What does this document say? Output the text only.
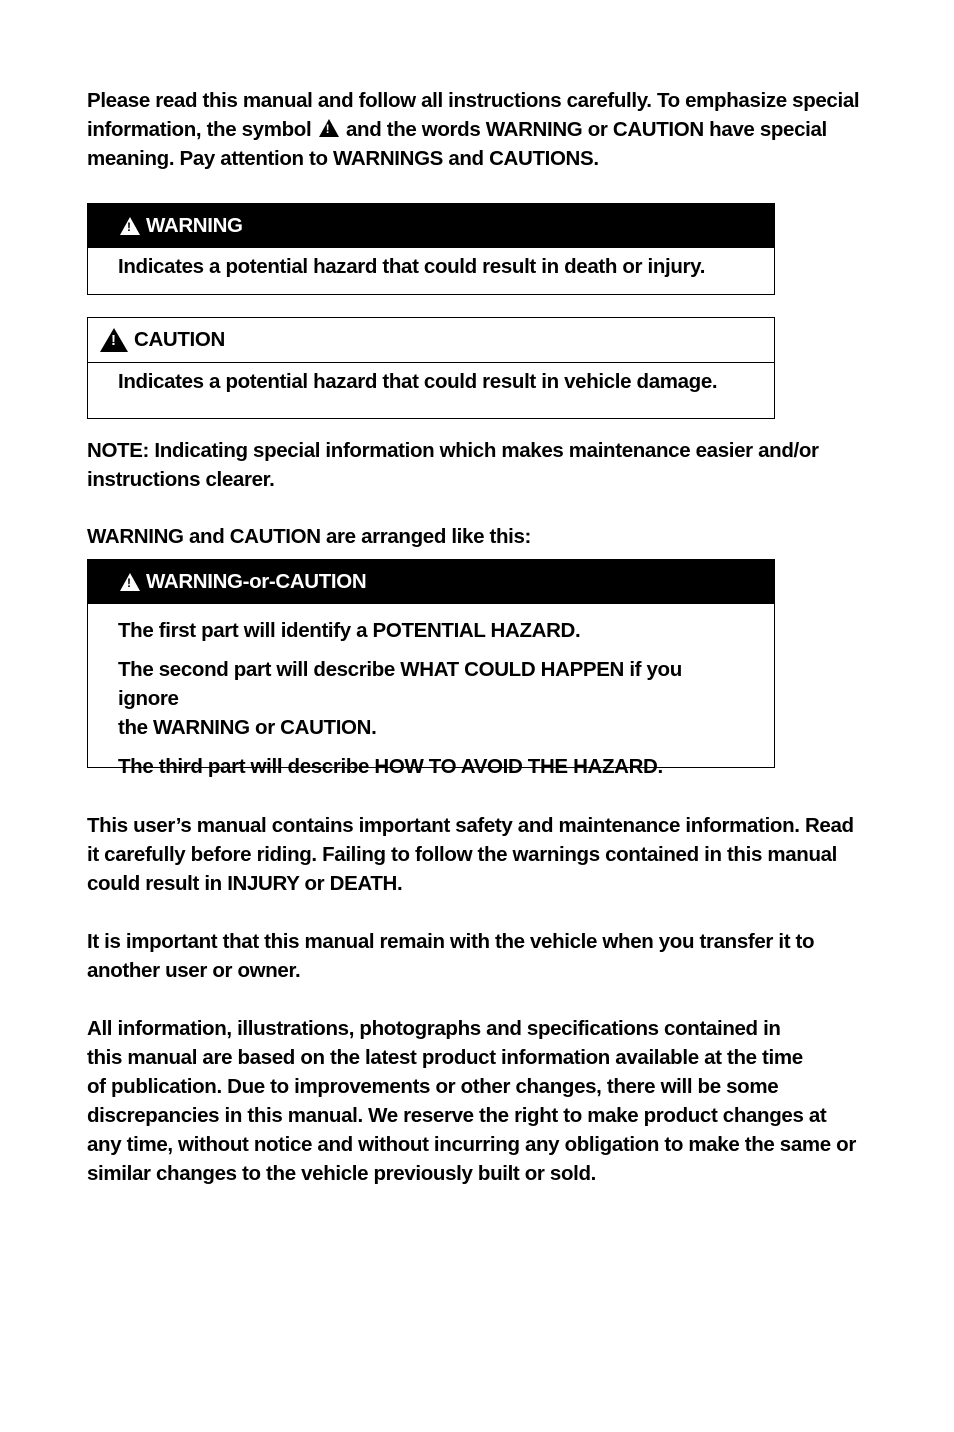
Please read this manual and follow all instructions carefully. To emphasize special
information, the symbol ! and the words WARNING or CAUTION have special
meaning. Pay attention to WARNINGS and CAUTIONS.

!
WARNING

Indicates a potential hazard that could result in death or injury.

!
CAUTION

Indicates a potential hazard that could result in vehicle damage.

NOTE: Indicating special information which makes maintenance easier and/or
instructions clearer.

WARNING and CAUTION are arranged like this:

!
WARNING-or-CAUTION

The first part will identify a POTENTIAL HAZARD.

The second part will describe WHAT COULD HAPPEN if you ignore
the WARNING or CAUTION.

The third part will describe HOW TO AVOID THE HAZARD.

This user’s manual contains important safety and maintenance information. Read
it carefully before riding. Failing to follow the warnings contained in this manual
could result in INJURY or DEATH.

It is important that this manual remain with the vehicle when you transfer it to
another user or owner.

All information, illustrations, photographs and specifications contained in
this manual are based on the latest product information available at the time
of publication. Due to improvements or other changes, there will be some
discrepancies in this manual. We reserve the right to make product changes at
any time, without notice and without incurring any obligation to make the same or
similar changes to the vehicle previously built or sold.
